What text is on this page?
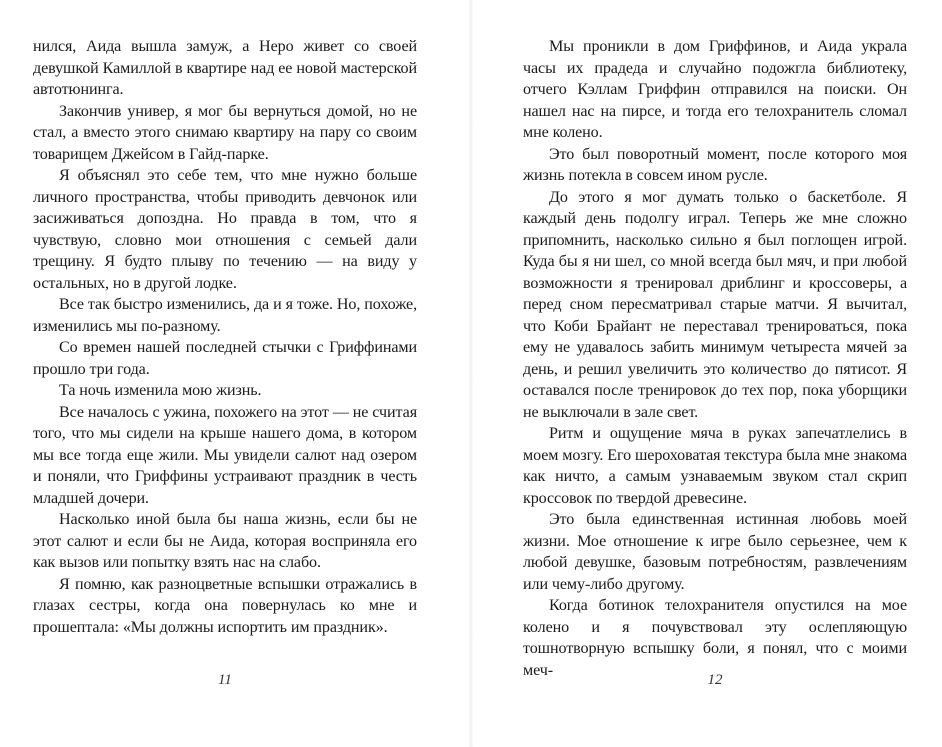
нился, Аида вышла замуж, а Неро живет со своей девушкой Камиллой в квартире над ее новой мастерской автотюнинга.

Закончив универ, я мог бы вернуться домой, но не стал, а вместо этого снимаю квартиру на пару со своим товарищем Джейсом в Гайд-парке.

Я объяснял это себе тем, что мне нужно больше личного пространства, чтобы приводить девчонок или засиживаться допоздна. Но правда в том, что я чувствую, словно мои отношения с семьей дали трещину. Я будто плыву по течению — на виду у остальных, но в другой лодке.

Все так быстро изменились, да и я тоже. Но, похоже, изменились мы по-разному.

Со времен нашей последней стычки с Гриффинами прошло три года.

Та ночь изменила мою жизнь.

Все началось с ужина, похожего на этот — не считая того, что мы сидели на крыше нашего дома, в котором мы все тогда еще жили. Мы увидели салют над озером и поняли, что Гриффины устраивают праздник в честь младшей дочери.

Насколько иной была бы наша жизнь, если бы не этот салют и если бы не Аида, которая восприняла его как вызов или попытку взять нас на слабо.

Я помню, как разноцветные вспышки отражались в глазах сестры, когда она повернулась ко мне и прошептала: «Мы должны испортить им праздник».

11

Мы проникли в дом Гриффинов, и Аида украла часы их прадеда и случайно подожгла библиотеку, отчего Кэллам Гриффин отправился на поиски. Он нашел нас на пирсе, и тогда его телохранитель сломал мне колено.

Это был поворотный момент, после которого моя жизнь потекла в совсем ином русле.

До этого я мог думать только о баскетболе. Я каждый день подолгу играл. Теперь же мне сложно припомнить, насколько сильно я был поглощен игрой. Куда бы я ни шел, со мной всегда был мяч, и при любой возможности я тренировал дриблинг и кроссоверы, а перед сном пересматривал старые матчи. Я вычитал, что Коби Брайант не переставал тренироваться, пока ему не удавалось забить минимум четыреста мячей за день, и решил увеличить это количество до пятисот. Я оставался после тренировок до тех пор, пока уборщики не выключали в зале свет.

Ритм и ощущение мяча в руках запечатлелись в моем мозгу. Его шероховатая текстура была мне знакома как ничто, а самым узнаваемым звуком стал скрип кроссовок по твердой древесине.

Это была единственная истинная любовь моей жизни. Мое отношение к игре было серьезнее, чем к любой девушке, базовым потребностям, развлечениям или чему-либо другому.

Когда ботинок телохранителя опустился на мое колено и я почувствовал эту ослепляющую тошнотворную вспышку боли, я понял, что с моими меч-

12
